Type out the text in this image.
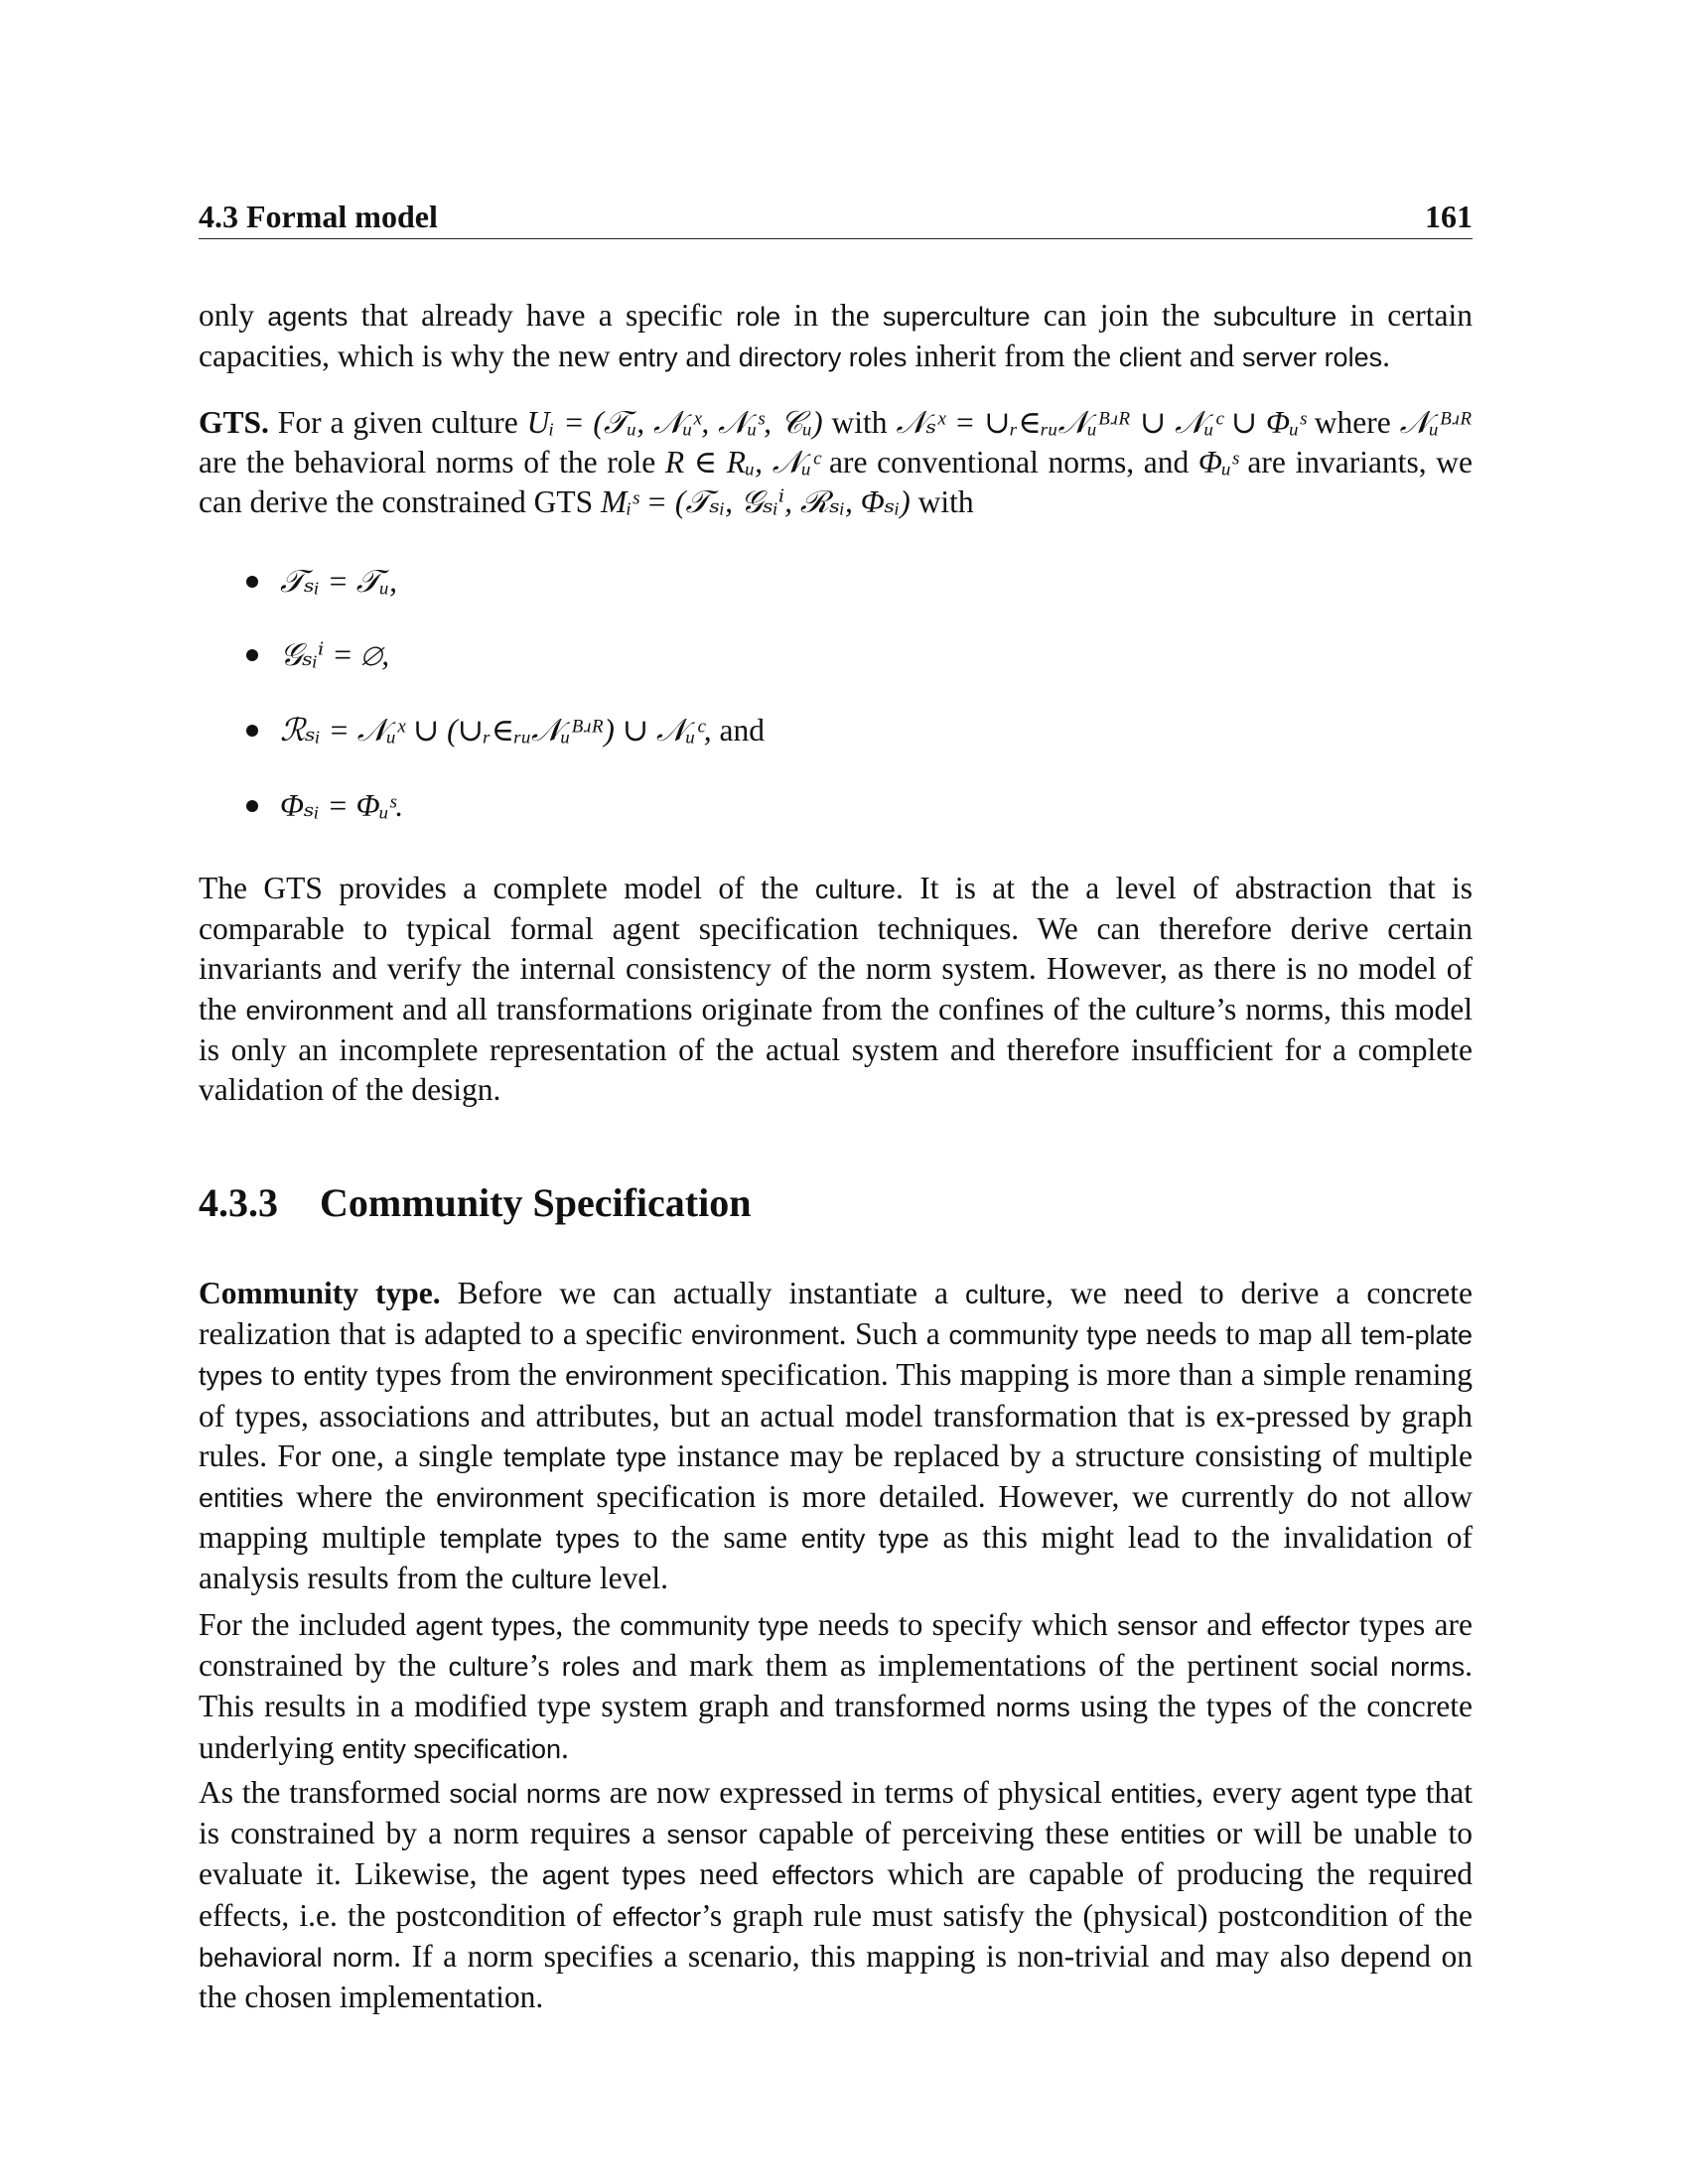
4.3 Formal model	161

only agents that already have a specific role in the superculture can join the subculture in certain capacities, which is why the new entry and directory roles inherit from the client and server roles.

GTS. For a given culture Uᵢ = (𝒯ᵤ, 𝒩ᵤˣ, 𝒩ᵤˢ, 𝒞ᵤ) with 𝒩ₛˣ = ∪ᵣ∈ᵣᵤ𝒩ᵤᴮʴᴿ ∪ 𝒩ᵤᶜ ∪ Φᵤˢ where 𝒩ᵤᴮʴᴿ are the behavioral norms of the role R ∈ Rᵤ, 𝒩ᵤᶜ are conventional norms, and Φᵤˢ are invariants, we can derive the constrained GTS Mᵢˢ = (𝒯ₛᵢ, 𝒢ₛᵢⁱ, ℛₛᵢ, Φₛᵢ) with

𝒯ₛᵢ = 𝒯ᵤ,
𝒢ₛᵢⁱ = ∅,
ℛₛᵢ = 𝒩ᵤˣ ∪ (∪ᵣ∈ᵣᵤ𝒩ᵤᴮʴᴿ) ∪ 𝒩ᵤᶜ, and
Φₛᵢ = Φᵤˢ.

The GTS provides a complete model of the culture. It is at the a level of abstraction that is comparable to typical formal agent specification techniques. We can therefore derive certain invariants and verify the internal consistency of the norm system. However, as there is no model of the environment and all transformations originate from the confines of the culture’s norms, this model is only an incomplete representation of the actual system and therefore insufficient for a complete validation of the design.

4.3.3 Community Specification

Community type. Before we can actually instantiate a culture, we need to derive a concrete realization that is adapted to a specific environment. Such a community type needs to map all tem-plate types to entity types from the environment specification. This mapping is more than a simple renaming of types, associations and attributes, but an actual model transformation that is ex-pressed by graph rules. For one, a single template type instance may be replaced by a structure consisting of multiple entities where the environment specification is more detailed. However, we currently do not allow mapping multiple template types to the same entity type as this might lead to the invalidation of analysis results from the culture level.

For the included agent types, the community type needs to specify which sensor and effector types are constrained by the culture’s roles and mark them as implementations of the pertinent social norms. This results in a modified type system graph and transformed norms using the types of the concrete underlying entity specification.

As the transformed social norms are now expressed in terms of physical entities, every agent type that is constrained by a norm requires a sensor capable of perceiving these entities or will be unable to evaluate it. Likewise, the agent types need effectors which are capable of producing the required effects, i.e. the postcondition of effector’s graph rule must satisfy the (physical) postcondition of the behavioral norm. If a norm specifies a scenario, this mapping is non-trivial and may also depend on the chosen implementation.
